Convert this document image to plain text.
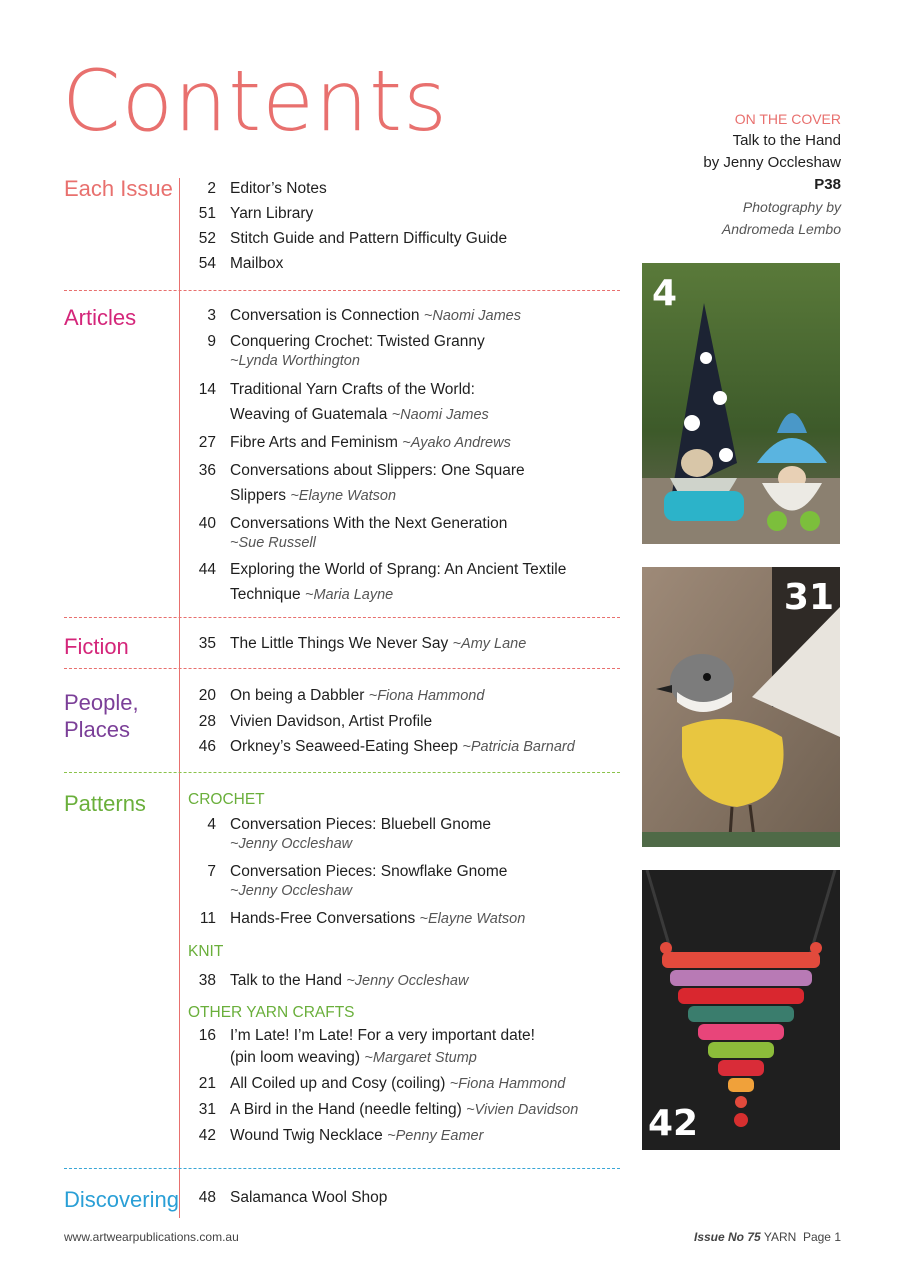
Contents	ON THE COVER
Talk to the Hand
by Jenny Occleshaw
P38
Photography by
Andromeda Lembo
Each Issue	2 Editor’s Notes
51 Yarn Library
52 Stitch Guide and Pattern Difficulty Guide
54 Mailbox
Articles	3 Conversation is Connection ~Naomi James
9 Conquering Crochet: Twisted Granny
~Lynda Worthington
14 Traditional Yarn Crafts of the World:
Weaving of Guatemala ~Naomi James
27 Fibre Arts and Feminism ~Ayako Andrews
36 Conversations about Slippers: One Square
Slippers ~Elayne Watson
40 Conversations With the Next Generation
~Sue Russell
44 Exploring the World of Sprang: An Ancient Textile
Technique ~Maria Layne
Fiction	35 The Little Things We Never Say ~Amy Lane
People,
Places
20 On being a Dabbler ~Fiona Hammond
28 Vivien Davidson, Artist Profile
46 Orkney’s Seaweed-Eating Sheep ~Patricia Barnard
Patterns	CROCHET
4 Conversation Pieces: Bluebell Gnome
~Jenny Occleshaw
7 Conversation Pieces: Snowflake Gnome
~Jenny Occleshaw
11 Hands-Free Conversations ~Elayne Watson
KNIT
38 Talk to the Hand ~Jenny Occleshaw
OTHER YARN CRAFTS
16 I’m Late! I’m Late! For a very important date!
(pin loom weaving) ~Margaret Stump
21 All Coiled up and Cosy (coiling) ~Fiona Hammond
31 A Bird in the Hand (needle felting) ~Vivien Davidson
42 Wound Twig Necklace ~Penny Eamer
Discovering	48 Salamanca Wool Shop
4
31
42
www.artwearpublications.com.au	Issue No 75 YARN Page 1
